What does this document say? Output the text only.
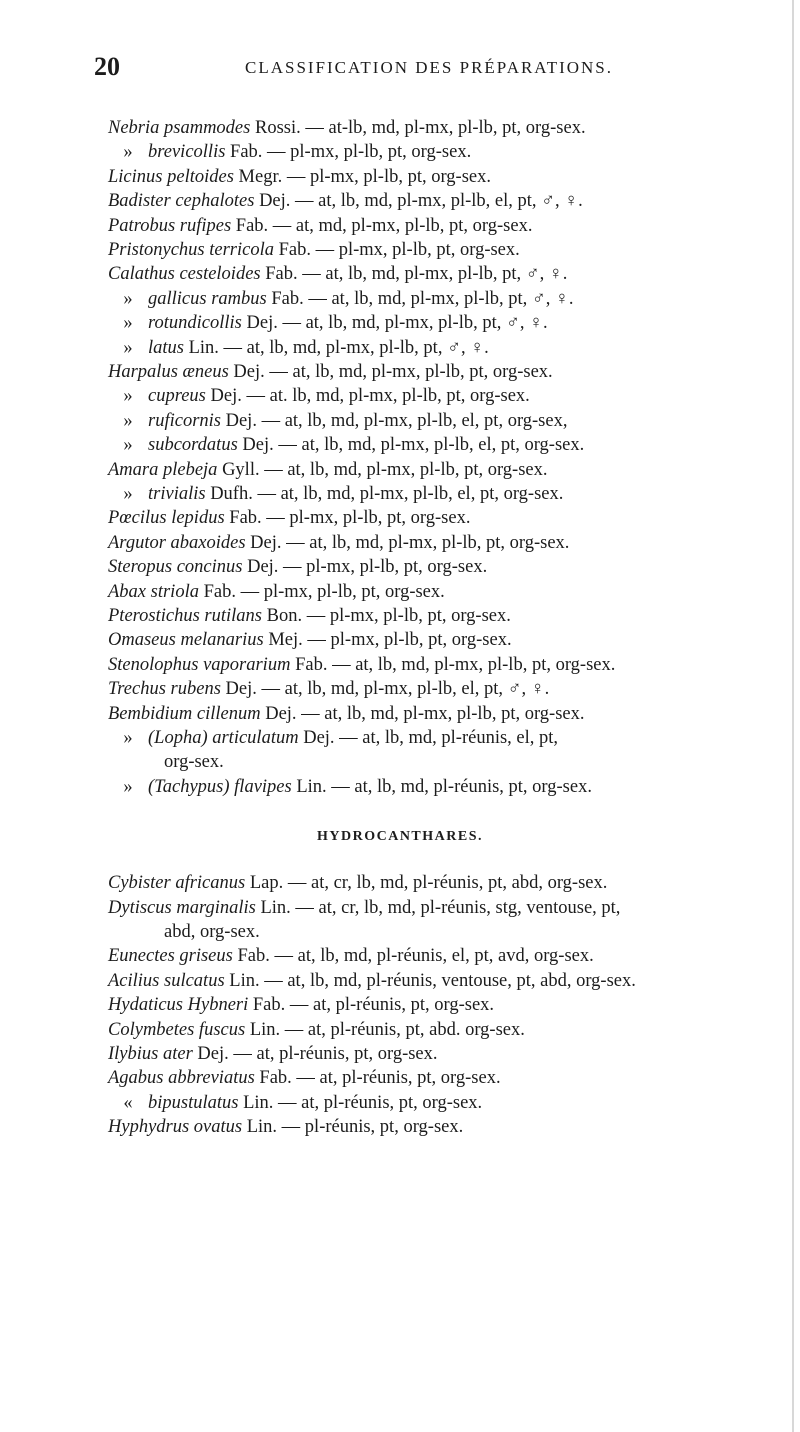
20	CLASSIFICATION DES PRÉPARATIONS.
Nebria psammodes Rossi. — at-lb, md, pl-mx, pl-lb, pt, org-sex.
» brevicollis Fab. — pl-mx, pl-lb, pt, org-sex.
Licinus peltoides Megr. — pl-mx, pl-lb, pt, org-sex.
Badister cephalotes Dej. — at, lb, md, pl-mx, pl-lb, el, pt, ♂, ♀.
Patrobus rufipes Fab. — at, md, pl-mx, pl-lb, pt, org-sex.
Pristonychus terricola Fab. — pl-mx, pl-lb, pt, org-sex.
Calathus cesteloides Fab. — at, lb, md, pl-mx, pl-lb, pt, ♂, ♀.
» gallicus rambus Fab. — at, lb, md, pl-mx, pl-lb, pt, ♂, ♀.
» rotundicollis Dej. — at, lb, md, pl-mx, pl-lb, pt, ♂, ♀.
» latus Lin. — at, lb, md, pl-mx, pl-lb, pt, ♂, ♀.
Harpalus æneus Dej. — at, lb, md, pl-mx, pl-lb, pt, org-sex.
» cupreus Dej. — at. lb, md, pl-mx, pl-lb, pt, org-sex.
» ruficornis Dej. — at, lb, md, pl-mx, pl-lb, el, pt, org-sex,
» subcordatus Dej. — at, lb, md, pl-mx, pl-lb, el, pt, org-sex.
Amara plebeja Gyll. — at, lb, md, pl-mx, pl-lb, pt, org-sex.
» trivialis Dufh. — at, lb, md, pl-mx, pl-lb, el, pt, org-sex.
Pœcilus lepidus Fab. — pl-mx, pl-lb, pt, org-sex.
Argutor abaxoides Dej. — at, lb, md, pl-mx, pl-lb, pt, org-sex.
Steropus concinus Dej. — pl-mx, pl-lb, pt, org-sex.
Abax striola Fab. — pl-mx, pl-lb, pt, org-sex.
Pterostichus rutilans Bon. — pl-mx, pl-lb, pt, org-sex.
Omaseus melanarius Mej. — pl-mx, pl-lb, pt, org-sex.
Stenolophus vaporarium Fab. — at, lb, md, pl-mx, pl-lb, pt, org-sex.
Trechus rubens Dej. — at, lb, md, pl-mx, pl-lb, el, pt, ♂, ♀.
Bembidium cillenum Dej. — at, lb, md, pl-mx, pl-lb, pt, org-sex.
» (Lopha) articulatum Dej. — at, lb, md, pl-réunis, el, pt,
org-sex.
» (Tachypus) flavipes Lin. — at, lb, md, pl-réunis, pt, org-sex.
HYDROCANTHARES.
Cybister africanus Lap. — at, cr, lb, md, pl-réunis, pt, abd, org-sex.
Dytiscus marginalis Lin. — at, cr, lb, md, pl-réunis, stg, ventouse, pt,
abd, org-sex.
Eunectes griseus Fab. — at, lb, md, pl-réunis, el, pt, avd, org-sex.
Acilius sulcatus Lin. — at, lb, md, pl-réunis, ventouse, pt, abd, org-sex.
Hydaticus Hybneri Fab. — at, pl-réunis, pt, org-sex.
Colymbetes fuscus Lin. — at, pl-réunis, pt, abd. org-sex.
Ilybius ater Dej. — at, pl-réunis, pt, org-sex.
Agabus abbreviatus Fab. — at, pl-réunis, pt, org-sex.
« bipustulatus Lin. — at, pl-réunis, pt, org-sex.
Hyphydrus ovatus Lin. — pl-réunis, pt, org-sex.
